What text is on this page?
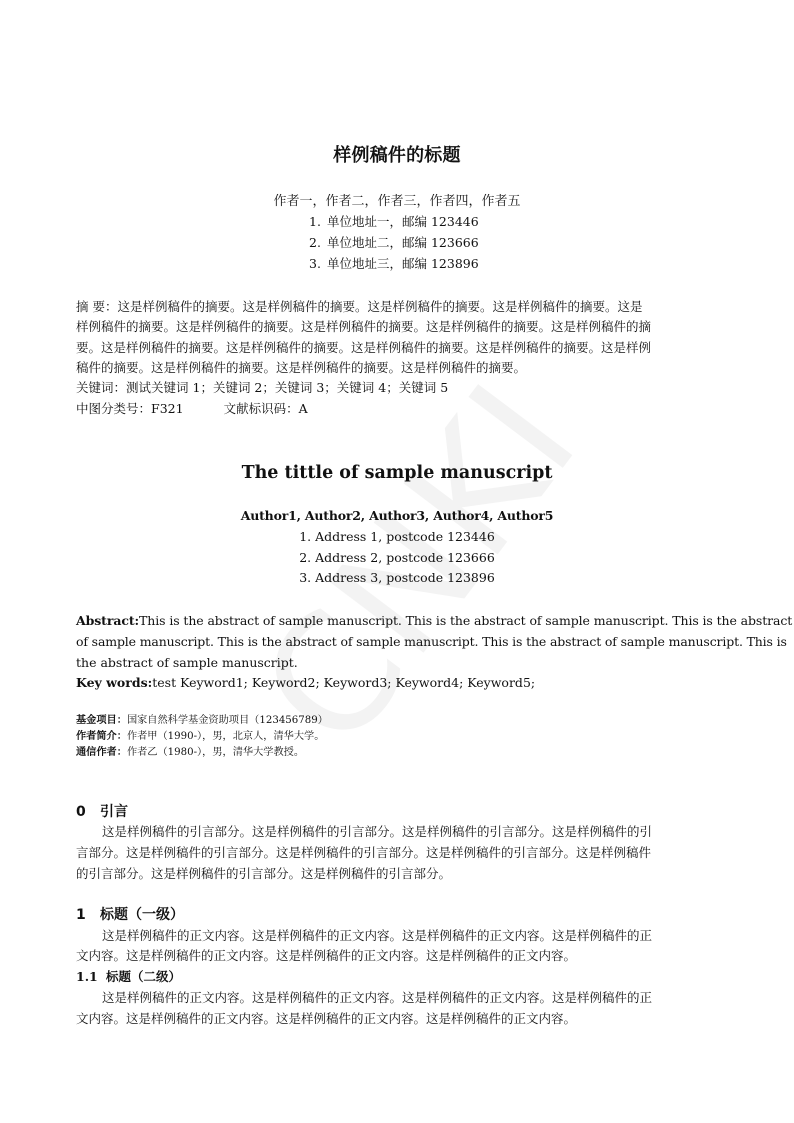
样例稿件的标题
作者一，作者二，作者三，作者四，作者五
1. 单位地址一，邮编 123446
2. 单位地址二，邮编 123666
3. 单位地址三，邮编 123896
摘 要：这是样例稿件的摘要。这是样例稿件的摘要。这是样例稿件的摘要。这是样例稿件的摘要。这是
样例稿件的摘要。这是样例稿件的摘要。这是样例稿件的摘要。这是样例稿件的摘要。这是样例稿件的摘
要。这是样例稿件的摘要。这是样例稿件的摘要。这是样例稿件的摘要。这是样例稿件的摘要。这是样例
稿件的摘要。这是样例稿件的摘要。这是样例稿件的摘要。这是样例稿件的摘要。
关键词：测试关键词 1；关键词 2；关键词 3；关键词 4；关键词 5
中图分类号：F321	文献标识码：A
The tittle of sample manuscript
Author1, Author2, Author3, Author4, Author5
1. Address 1, postcode 123446
2. Address 2, postcode 123666
3. Address 3, postcode 123896
Abstract:This is the abstract of sample manuscript. This is the abstract of sample manuscript. This is the abstract
of sample manuscript. This is the abstract of sample manuscript. This is the abstract of sample manuscript. This is
the abstract of sample manuscript.
Key words:test Keyword1; Keyword2; Keyword3; Keyword4; Keyword5;
基金项目：国家自然科学基金资助项目（123456789）
作者简介：作者甲（1990-），男，北京人，清华大学。
通信作者：作者乙（1980-），男，清华大学教授。
0 引言
这是样例稿件的引言部分。这是样例稿件的引言部分。这是样例稿件的引言部分。这是样例稿件的引
言部分。这是样例稿件的引言部分。这是样例稿件的引言部分。这是样例稿件的引言部分。这是样例稿件
的引言部分。这是样例稿件的引言部分。这是样例稿件的引言部分。
1 标题（一级）
这是样例稿件的正文内容。这是样例稿件的正文内容。这是样例稿件的正文内容。这是样例稿件的正
文内容。这是样例稿件的正文内容。这是样例稿件的正文内容。这是样例稿件的正文内容。
1.1 标题（二级）
这是样例稿件的正文内容。这是样例稿件的正文内容。这是样例稿件的正文内容。这是样例稿件的正
文内容。这是样例稿件的正文内容。这是样例稿件的正文内容。这是样例稿件的正文内容。
